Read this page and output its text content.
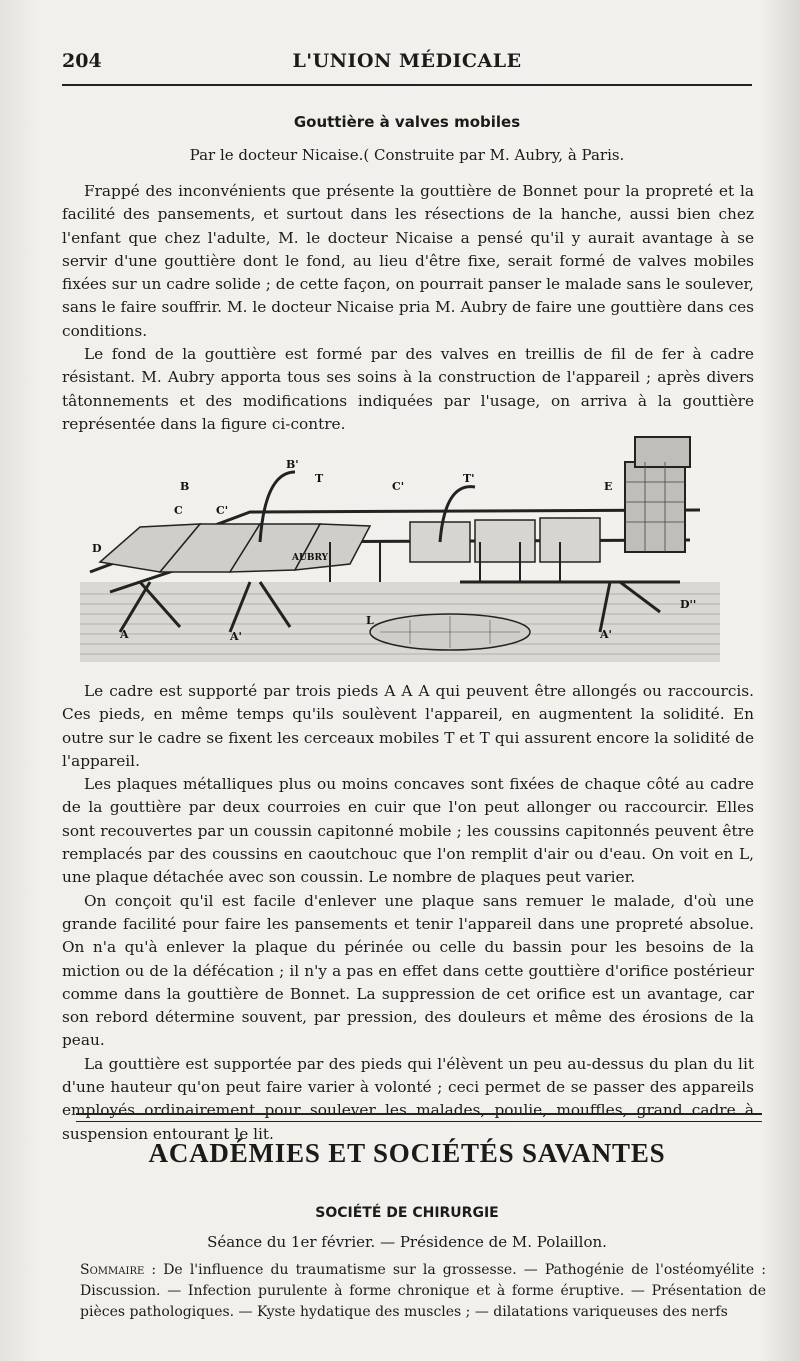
204	L'UNION MÉDICALE
Gouttière à valves mobiles
Par le docteur Nicaise.( Construite par M. Aubry, à Paris.

Frappé des inconvénients que présente la gouttière de Bonnet pour la propreté et la facilité des pansements, et surtout dans les résections de la hanche, aussi bien chez l'enfant que chez l'adulte, M. le docteur Nicaise a pensé qu'il y aurait avantage à se servir d'une gouttière dont le fond, au lieu d'être fixe, serait formé de valves mobiles fixées sur un cadre solide ; de cette façon, on pourrait panser le malade sans le soulever, sans le faire souffrir. M. le docteur Nicaise pria M. Aubry de faire une gouttière dans ces conditions.

Le fond de la gouttière est formé par des valves en treillis de fil de fer à cadre résistant. M. Aubry apporta tous ses soins à la construction de l'appareil ; après divers tâtonnements et des modifications indiquées par l'usage, on arriva à la gouttière représentée dans la figure ci-contre.

B'
T
B	C'
T'
E
C	C'
D
AUBRY
L
A	A'	A'
D''

Le cadre est supporté par trois pieds A A A qui peuvent être allongés ou raccourcis. Ces pieds, en même temps qu'ils soulèvent l'appareil, en augmentent la solidité. En outre sur le cadre se fixent les cerceaux mobiles T et T qui assurent encore la solidité de l'appareil.

Les plaques métalliques plus ou moins concaves sont fixées de chaque côté au cadre de la gouttière par deux courroies en cuir que l'on peut allonger ou raccourcir. Elles sont recouvertes par un coussin capitonné mobile ; les coussins capitonnés peuvent être remplacés par des coussins en caoutchouc que l'on remplit d'air ou d'eau. On voit en L, une plaque détachée avec son coussin. Le nombre de plaques peut varier.

On conçoit qu'il est facile d'enlever une plaque sans remuer le malade, d'où une grande facilité pour faire les pansements et tenir l'appareil dans une propreté absolue. On n'a qu'à enlever la plaque du périnée ou celle du bassin pour les besoins de la miction ou de la défécation ; il n'y a pas en effet dans cette gouttière d'orifice postérieur comme dans la gouttière de Bonnet. La suppression de cet orifice est un avantage, car son rebord détermine souvent, par pression, des douleurs et même des érosions de la peau.

La gouttière est supportée par des pieds qui l'élèvent un peu au-dessus du plan du lit d'une hauteur qu'on peut faire varier à volonté ; ceci permet de se passer des appareils employés ordinairement pour soulever les malades, poulie, mouffles, grand cadre à suspension entourant le lit.

ACADÉMIES ET SOCIÉTÉS SAVANTES
SOCIÉTÉ DE CHIRURGIE
Séance du 1er février. — Présidence de M. Polaillon.
Sommaire : De l'influence du traumatisme sur la grossesse. — Pathogénie de l'ostéomyélite : Discussion. — Infection purulente à forme chronique et à forme éruptive. — Présentation de pièces pathologiques. — Kyste hydatique des muscles ; — dilatations variqueuses des nerfs
